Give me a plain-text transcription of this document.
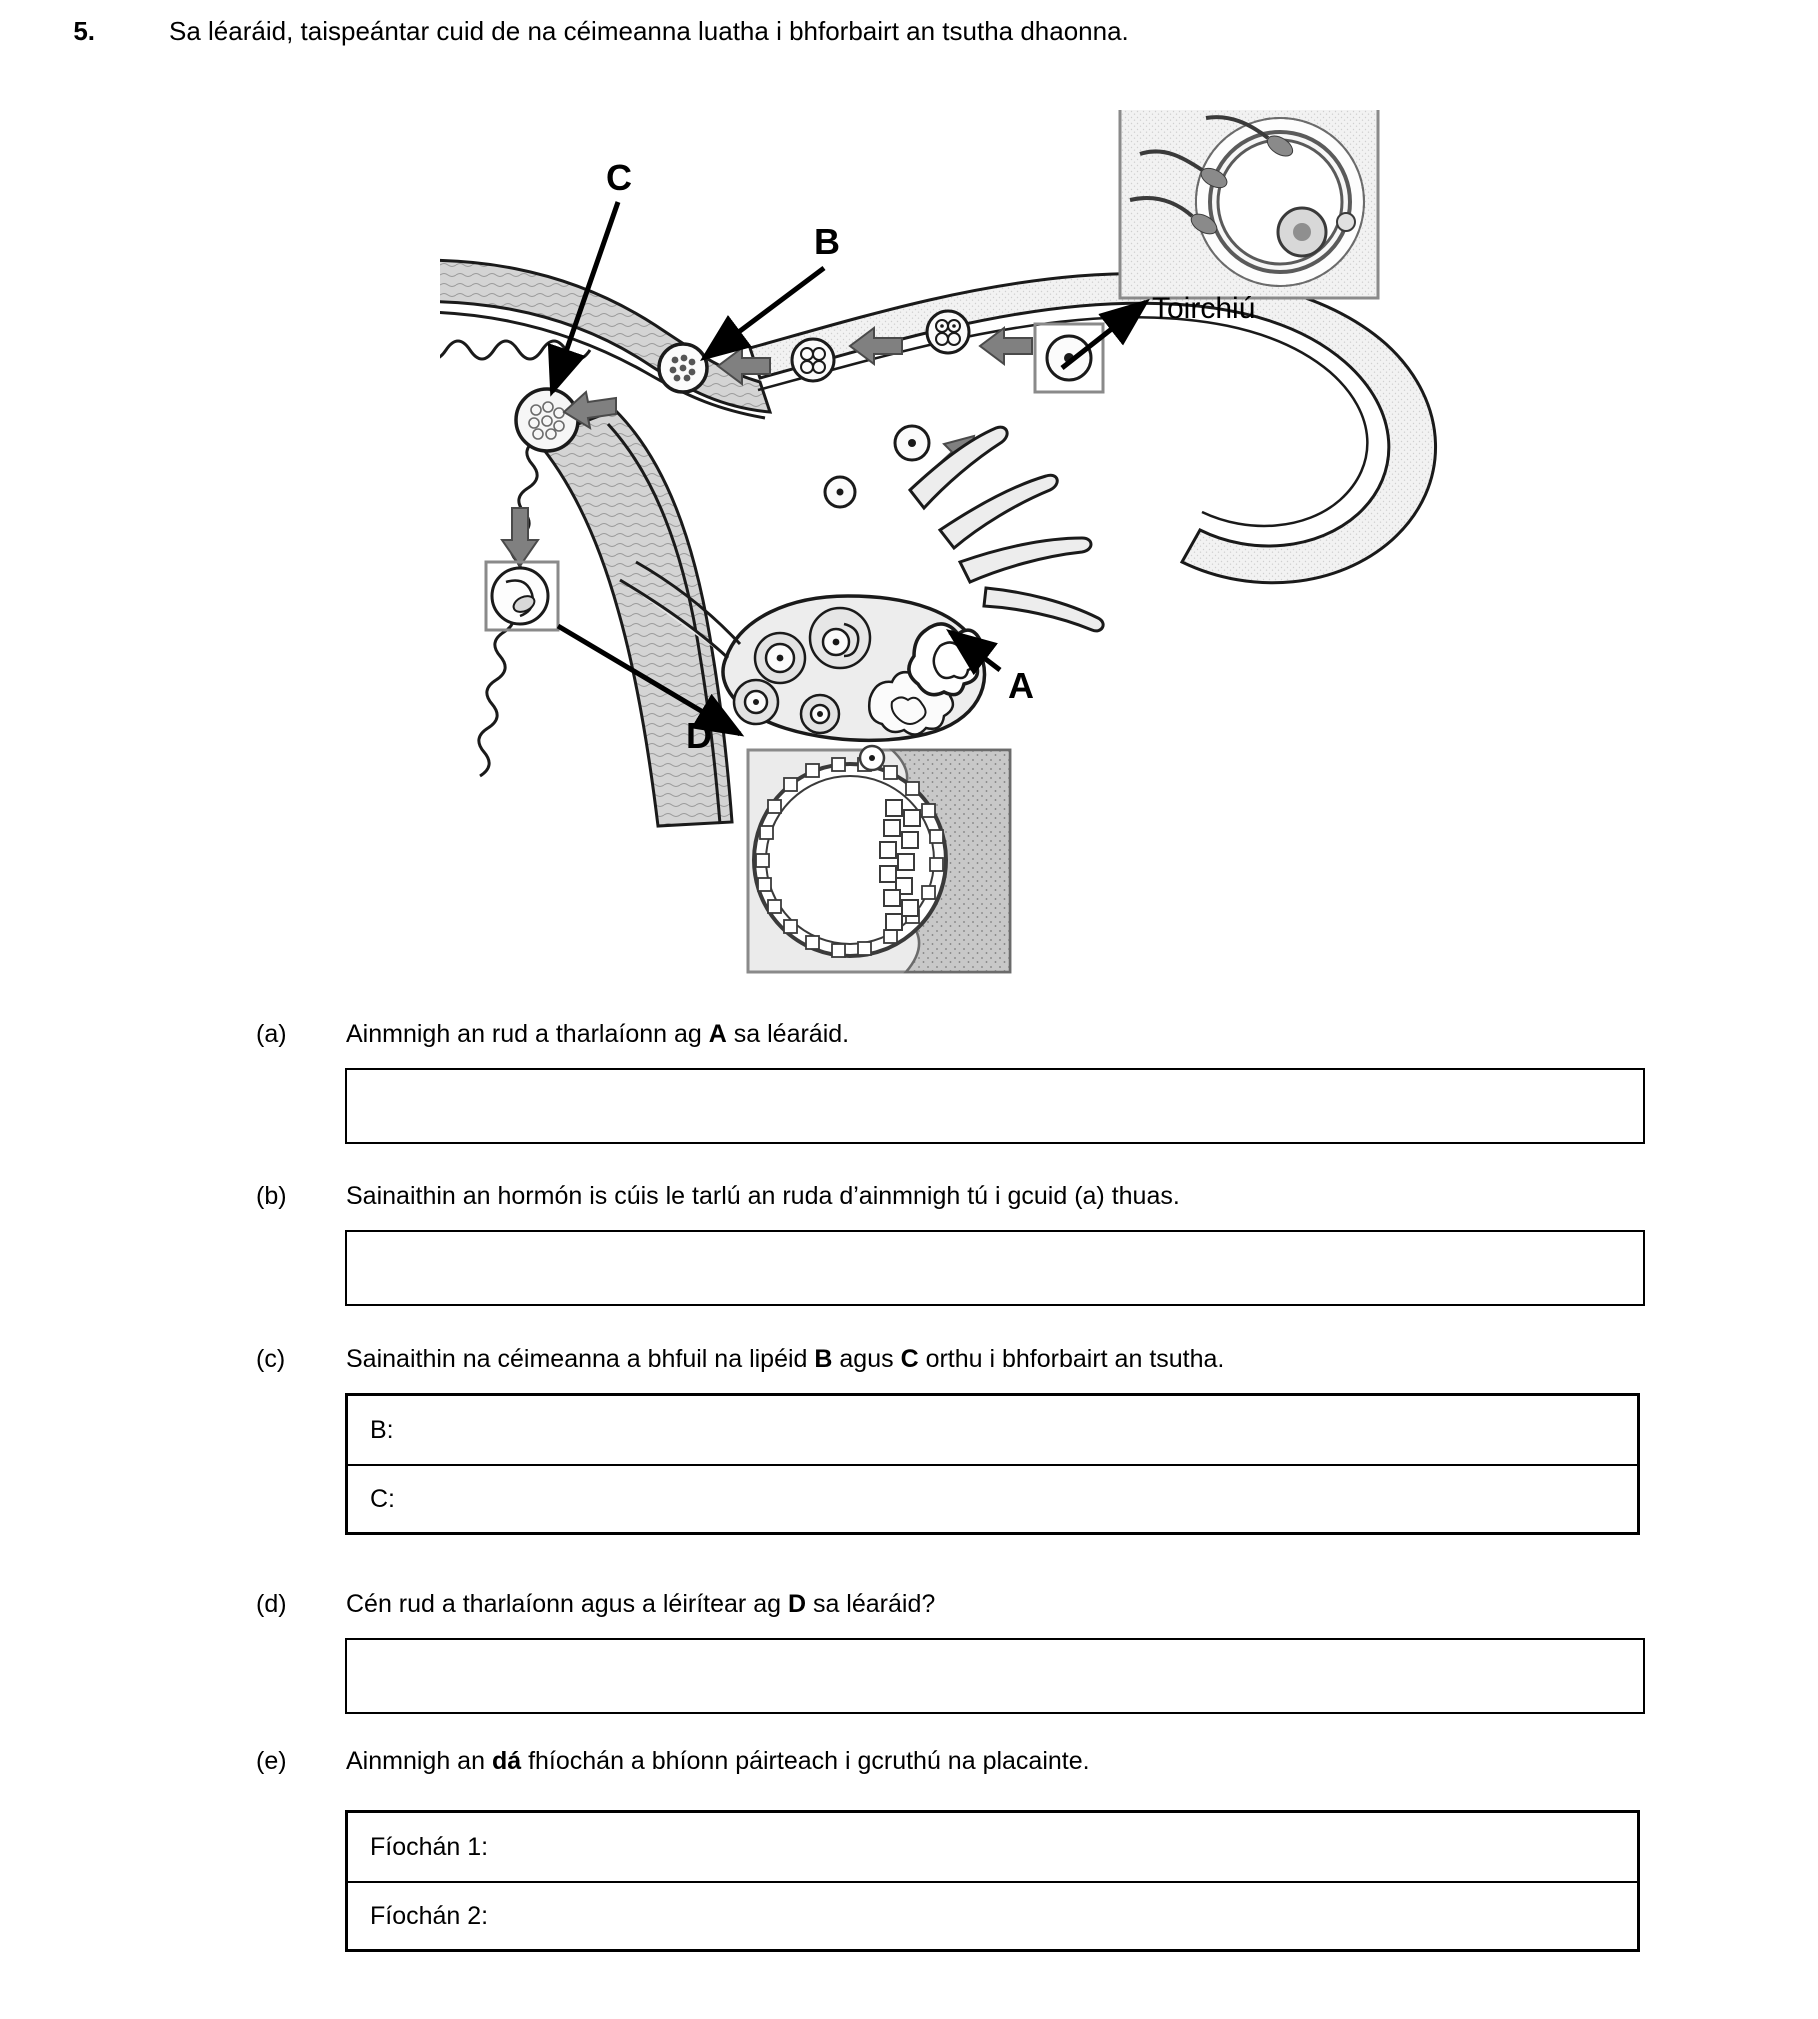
5.	Sa léaráid, taispeántar cuid de na céimeanna luatha i bhforbairt an tsutha dhaonna.
C
B
A
D
Toirchiú
(a)	Ainmnigh an rud a tharlaíonn ag A sa léaráid.
(b)	Sainaithin an hormón is cúis le tarlú an ruda d’ainmnigh tú i gcuid (a) thuas.
(c)	Sainaithin na céimeanna a bhfuil na lipéid B agus C orthu i bhforbairt an tsutha.
B:
C:
(d)	Cén rud a tharlaíonn agus a léirítear ag D sa léaráid?
(e)	Ainmnigh an dá fhíochán a bhíonn páirteach i gcruthú na placainte.
Fíochán 1:
Fíochán 2:
